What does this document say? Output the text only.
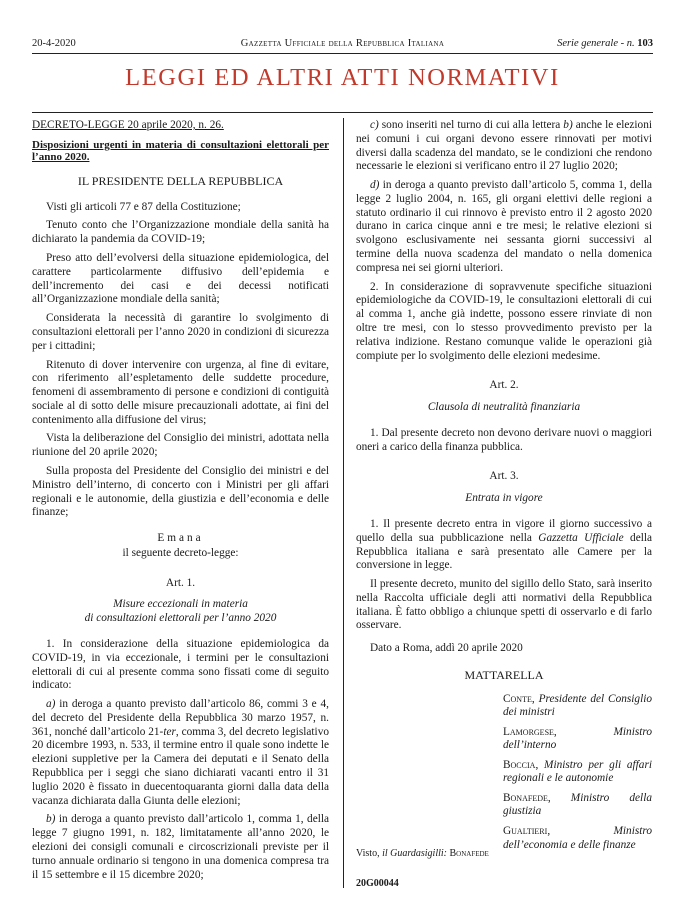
20-4-2020	Gazzetta Ufficiale della Repubblica Italiana	Serie generale - n. 103
LEGGI ED ALTRI ATTI NORMATIVI

DECRETO-LEGGE 20 aprile 2020, n. 26.

Disposizioni urgenti in materia di consultazioni elettorali per l’anno 2020.

IL PRESIDENTE DELLA REPUBBLICA

Visti gli articoli 77 e 87 della Costituzione;

Tenuto conto che l’Organizzazione mondiale della sanità ha dichiarato la pandemia da COVID-19;

Preso atto dell’evolversi della situazione epidemiologica, del carattere particolarmente diffusivo dell’epidemia e dell’incremento dei casi e dei decessi notificati all’Organizzazione mondiale della sanità;

Considerata la necessità di garantire lo svolgimento di consultazioni elettorali per l’anno 2020 in condizioni di sicurezza per i cittadini;

Ritenuto di dover intervenire con urgenza, al fine di evitare, con riferimento all’espletamento delle suddette procedure, fenomeni di assembramento di persone e condizioni di contiguità sociale al di sotto delle misure precauzionali adottate, ai fini del contenimento alla diffusione del virus;

Vista la deliberazione del Consiglio dei ministri, adottata nella riunione del 20 aprile 2020;

Sulla proposta del Presidente del Consiglio dei ministri e del Ministro dell’interno, di concerto con i Ministri per gli affari regionali e le autonomie, della giustizia e dell’economia e delle finanze;

Emana

il seguente decreto-legge:

Art. 1.

Misure eccezionali in materia

di consultazioni elettorali per l’anno 2020

1. In considerazione della situazione epidemiologica da COVID-19, in via eccezionale, i termini per le consultazioni elettorali di cui al presente comma sono fissati come di seguito indicato:

a) in deroga a quanto previsto dall’articolo 86, commi 3 e 4, del decreto del Presidente della Repubblica 30 marzo 1957, n. 361, nonché dall’articolo 21-ter, comma 3, del decreto legislativo 20 dicembre 1993, n. 533, il termine entro il quale sono indette le elezioni suppletive per la Camera dei deputati e il Senato della Repubblica per i seggi che siano dichiarati vacanti entro il 31 luglio 2020 è fissato in duecentoquaranta giorni dalla data della vacanza dichiarata dalla Giunta delle elezioni;

b) in deroga a quanto previsto dall’articolo 1, comma 1, della legge 7 giugno 1991, n. 182, limitatamente all’anno 2020, le elezioni dei consigli comunali e circoscrizionali previste per il turno annuale ordinario si tengono in una domenica compresa tra il 15 settembre e il 15 dicembre 2020;

c) sono inseriti nel turno di cui alla lettera b) anche le elezioni nei comuni i cui organi devono essere rinnovati per motivi diversi dalla scadenza del mandato, se le condizioni che rendono necessarie le elezioni si verificano entro il 27 luglio 2020;

d) in deroga a quanto previsto dall’articolo 5, comma 1, della legge 2 luglio 2004, n. 165, gli organi elettivi delle regioni a statuto ordinario il cui rinnovo è previsto entro il 2 agosto 2020 durano in carica cinque anni e tre mesi; le relative elezioni si svolgono esclusivamente nei sessanta giorni successivi al termine della nuova scadenza del mandato o nella domenica compresa nei sei giorni ulteriori.

2. In considerazione di sopravvenute specifiche situazioni epidemiologiche da COVID-19, le consultazioni elettorali di cui al comma 1, anche già indette, possono essere rinviate di non oltre tre mesi, con lo stesso provvedimento previsto per la relativa indizione. Restano comunque valide le operazioni già compiute per lo svolgimento delle elezioni medesime.

Art. 2.

Clausola di neutralità finanziaria

1. Dal presente decreto non devono derivare nuovi o maggiori oneri a carico della finanza pubblica.

Art. 3.

Entrata in vigore

1. Il presente decreto entra in vigore il giorno successivo a quello della sua pubblicazione nella Gazzetta Ufficiale della Repubblica italiana e sarà presentato alle Camere per la conversione in legge.

Il presente decreto, munito del sigillo dello Stato, sarà inserito nella Raccolta ufficiale degli atti normativi della Repubblica italiana. È fatto obbligo a chiunque spetti di osservarlo e di farlo osservare.

Dato a Roma, addì 20 aprile 2020

MATTARELLA

Conte, Presidente del Consiglio dei ministri

Lamorgese, Ministro dell’interno

Boccia, Ministro per gli affari regionali e le autonomie

Bonafede, Ministro della giustizia

Gualtieri, Ministro dell’economia e delle finanze

Visto, il Guardasigilli: Bonafede
20G00044
